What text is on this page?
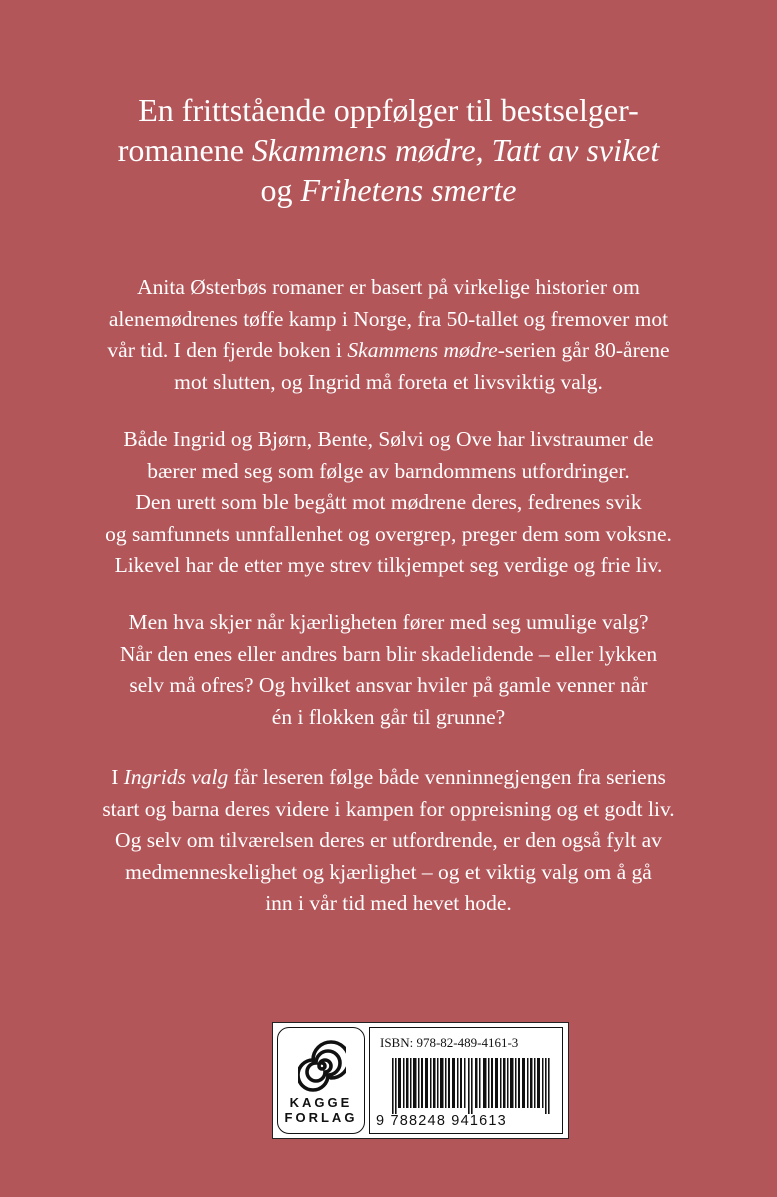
En frittstående oppfølger til bestselger-
romanene Skammens mødre, Tatt av sviket
og Frihetens smerte
Anita Østerbøs romaner er basert på virkelige historier om
alenemødrenes tøffe kamp i Norge, fra 50-tallet og fremover mot
vår tid. I den fjerde boken i Skammens mødre-serien går 80-årene
mot slutten, og Ingrid må foreta et livsviktig valg.
Både Ingrid og Bjørn, Bente, Sølvi og Ove har livstraumer de
bærer med seg som følge av barndommens utfordringer.
Den urett som ble begått mot mødrene deres, fedrenes svik
og samfunnets unnfallenhet og overgrep, preger dem som voksne.
Likevel har de etter mye strev tilkjempet seg verdige og frie liv.
Men hva skjer når kjærligheten fører med seg umulige valg?
Når den enes eller andres barn blir skadelidende – eller lykken
selv må ofres? Og hvilket ansvar hviler på gamle venner når
én i flokken går til grunne?
I Ingrids valg får leseren følge både venninnegjengen fra seriens
start og barna deres videre i kampen for oppreisning og et godt liv.
Og selv om tilværelsen deres er utfordrende, er den også fylt av
medmenneskelighet og kjærlighet – og et viktig valg om å gå
inn i vår tid med hevet hode.
KAGGE
FORLAG
ISBN: 978-82-489-4161-3
9 788248 941613
